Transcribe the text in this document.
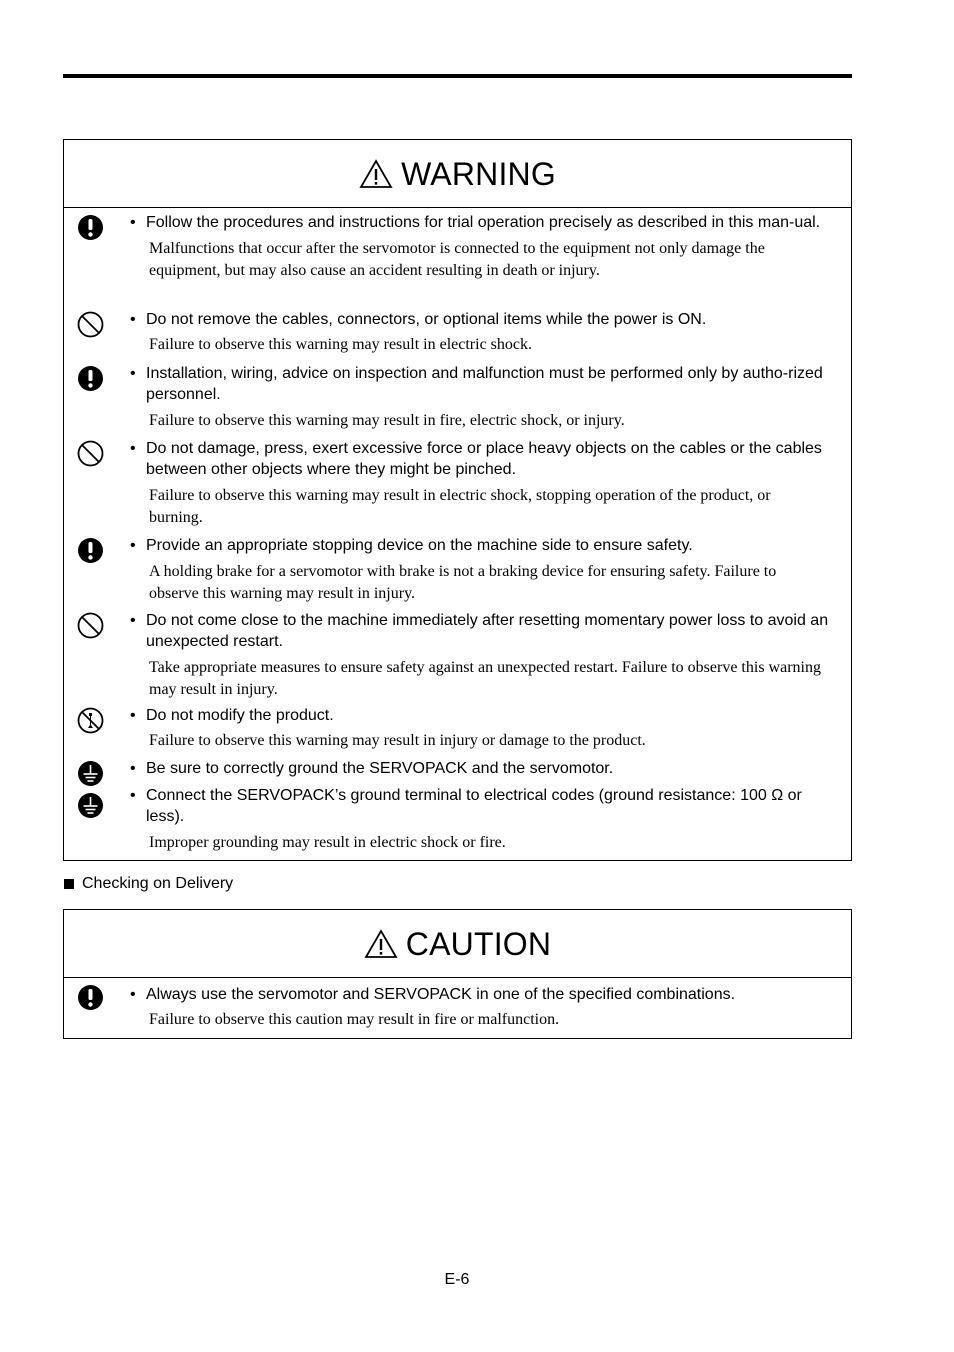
WARNING
• Follow the procedures and instructions for trial operation precisely as described in this man-ual.
Malfunctions that occur after the servomotor is connected to the equipment not only damage the equipment, but may also cause an accident resulting in death or injury.
• Do not remove the cables, connectors, or optional items while the power is ON.
Failure to observe this warning may result in electric shock.
• Installation, wiring, advice on inspection and malfunction must be performed only by autho-rized personnel.
Failure to observe this warning may result in fire, electric shock, or injury.
• Do not damage, press, exert excessive force or place heavy objects on the cables or the cables between other objects where they might be pinched.
Failure to observe this warning may result in electric shock, stopping operation of the product, or burning.
• Provide an appropriate stopping device on the machine side to ensure safety.
A holding brake for a servomotor with brake is not a braking device for ensuring safety. Failure to observe this warning may result in injury.
• Do not come close to the machine immediately after resetting momentary power loss to avoid an unexpected restart.
Take appropriate measures to ensure safety against an unexpected restart. Failure to observe this warning may result in injury.
• Do not modify the product.
Failure to observe this warning may result in injury or damage to the product.
• Be sure to correctly ground the SERVOPACK and the servomotor.
• Connect the SERVOPACK’s ground terminal to electrical codes (ground resistance: 100 Ω or less).
Improper grounding may result in electric shock or fire.
Checking on Delivery
CAUTION
• Always use the servomotor and SERVOPACK in one of the specified combinations.
Failure to observe this caution may result in fire or malfunction.
E-6
